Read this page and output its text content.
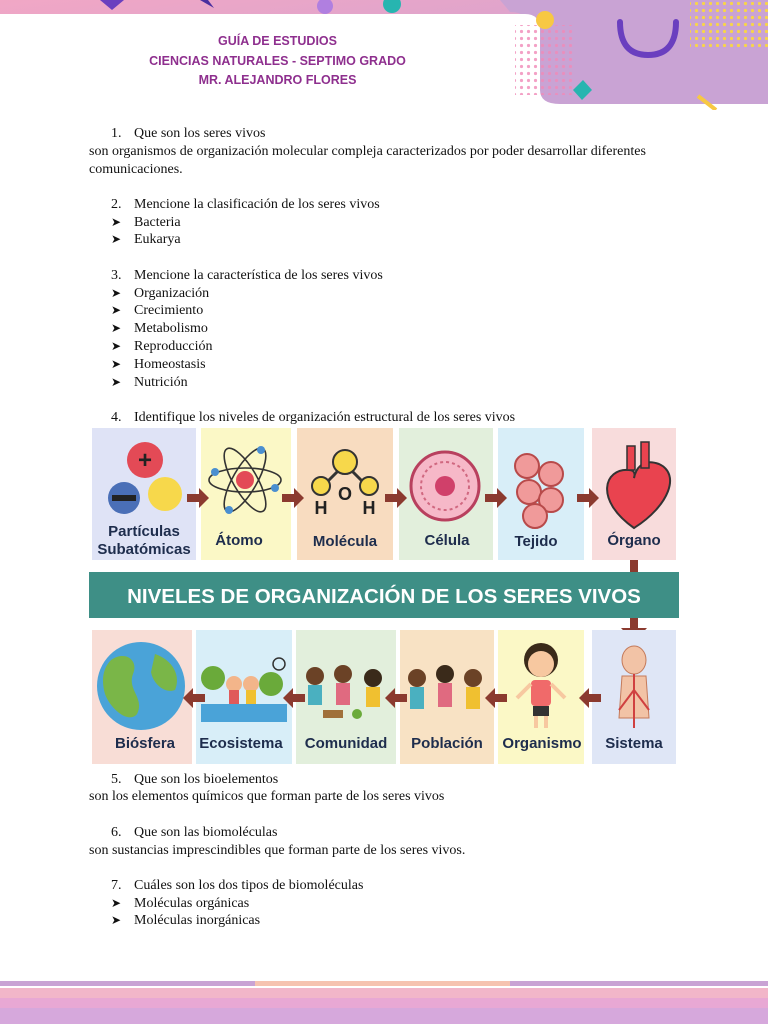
GUÍA DE ESTUDIOS
CIENCIAS NATURALES - SEPTIMO GRADO
MR. ALEJANDRO FLORES
1. Que son los seres vivos
son organismos de organización molecular compleja caracterizados por poder desarrollar diferentes comunicaciones.
2. Mencione la clasificación de los seres vivos
➤ Bacteria
➤ Eukarya
3. Mencione la característica de los seres vivos
➤ Organización
➤ Crecimiento
➤ Metabolismo
➤ Reproducción
➤ Homeostasis
➤ Nutrición
4. Identifique los niveles de organización estructural de los seres vivos
5. Que son los bioelementos
son los elementos químicos que forman parte de los seres vivos
6. Que son las biomoléculas
son sustancias imprescindibles que forman parte de los seres vivos.
7. Cuáles son los dos tipos de biomoléculas
➤ Moléculas orgánicas
➤ Moléculas inorgánicas
+
O
H H
Partículas
Subatómicas
Átomo	Molécula	Célula	Tejido	Órgano
NIVELES DE ORGANIZACIÓN DE LOS SERES VIVOS
Biósfera Ecosistema Comunidad Población Organismo Sistema
